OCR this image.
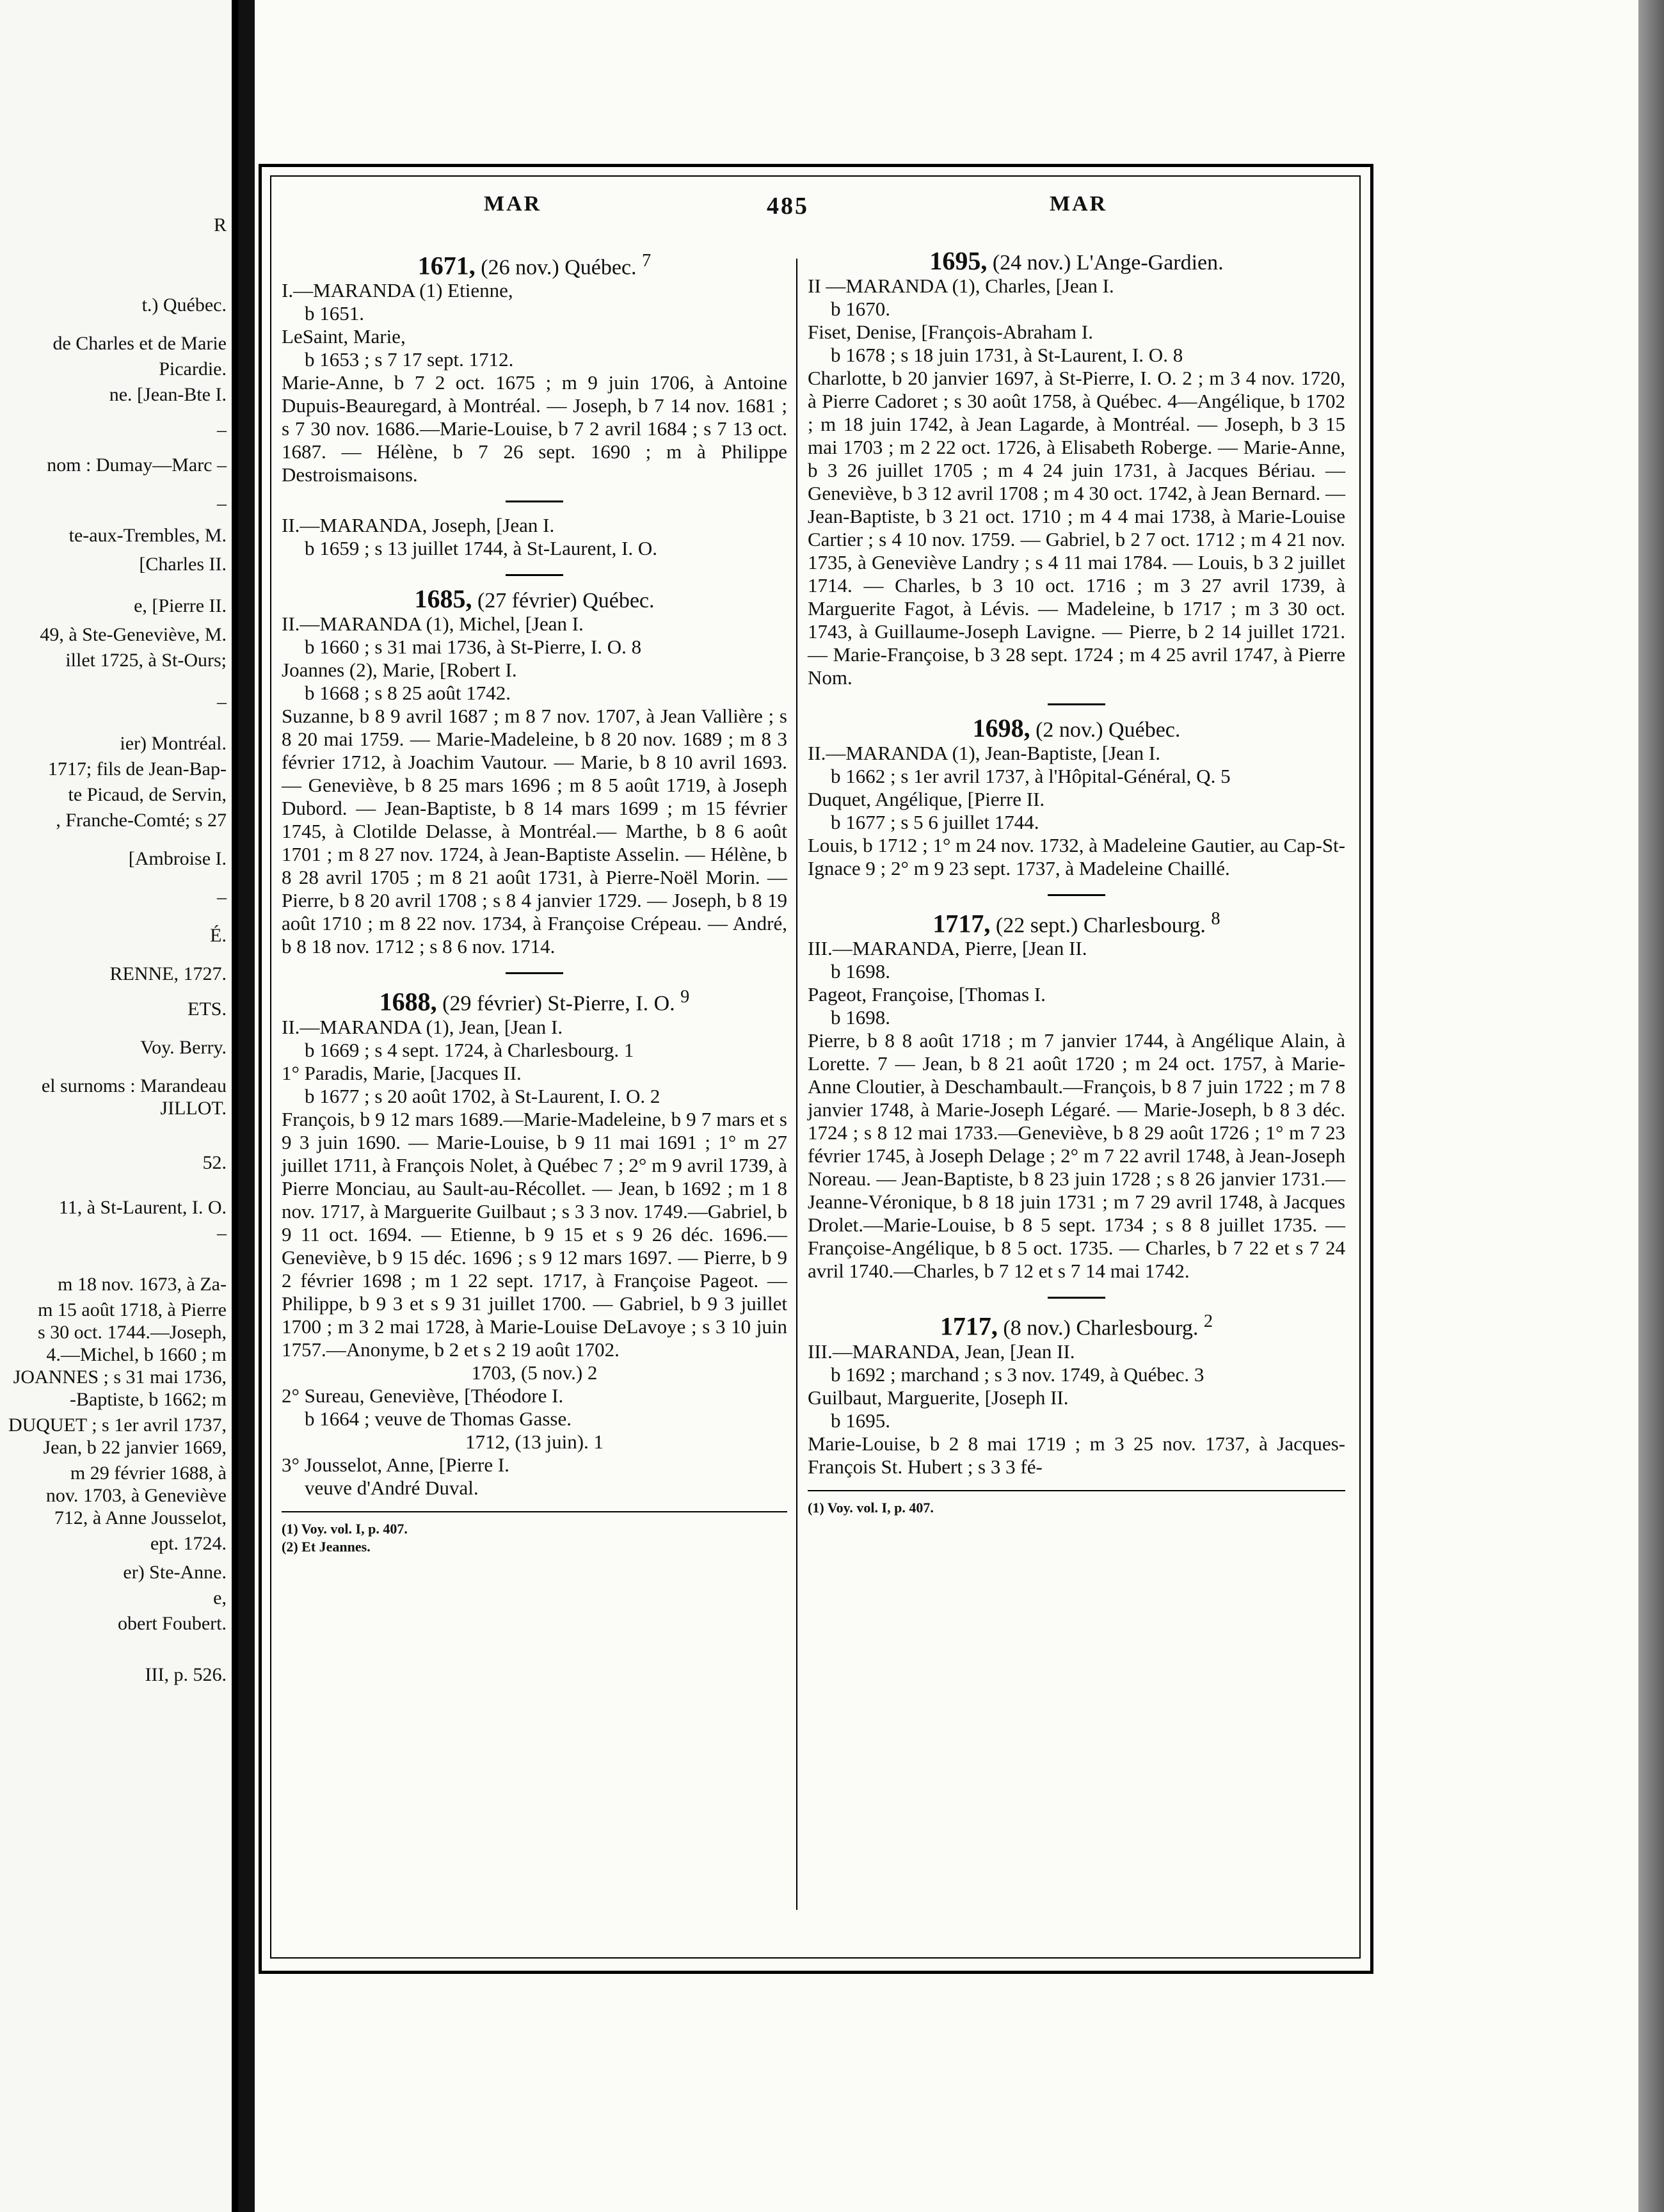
R
t.) Québec.
de Charles et de Marie
Picardie.
ne. [Jean-Bte I.
–
nom : Dumay—Marc –
–
te-aux-Trembles, M.
[Charles II.
e, [Pierre II.
49, à Ste-Geneviève, M.
illet 1725, à St-Ours;
–
ier) Montréal.
1717; fils de Jean-Bap-
te Picaud, de Servin,
, Franche-Comté; s 27
[Ambroise I.
–
É.
RENNE, 1727.
ETS.
Voy. Berry.
el surnoms : Marandeau
JILLOT.
52.
11, à St-Laurent, I. O.
–
m 18 nov. 1673, à Za-
m 15 août 1718, à Pierre
s 30 oct. 1744.—Joseph,
4.—Michel, b 1660 ; m
JOANNES ; s 31 mai 1736,
-Baptiste, b 1662; m
DUQUET ; s 1er avril 1737,
Jean, b 22 janvier 1669,
m 29 février 1688, à
nov. 1703, à Geneviève
712, à Anne Jousselot,
ept. 1724.
er) Ste-Anne.
e,
obert Foubert.
III, p. 526.
MAR	485	MAR

1671, (26 nov.) Québec. $^7$

I.—MARANDA (1) Etienne,

b 1651.

LeSaint, Marie,

b 1653 ; s 7 17 sept. 1712.

Marie-Anne, b 7 2 oct. 1675 ; m 9 juin 1706, à Antoine Dupuis-Beauregard, à Montréal. — Joseph, b 7 14 nov. 1681 ; s 7 30 nov. 1686.—Marie-Louise, b 7 2 avril 1684 ; s 7 13 oct. 1687. — Hélène, b 7 26 sept. 1690 ; m à Philippe Destroismaisons.

II.—MARANDA, Joseph, [Jean I.

b 1659 ; s 13 juillet 1744, à St-Laurent, I. O.

1685, (27 février) Québec.

II.—MARANDA (1), Michel, [Jean I.

b 1660 ; s 31 mai 1736, à St-Pierre, I. O. 8

Joannes (2), Marie, [Robert I.

b 1668 ; s 8 25 août 1742.

Suzanne, b 8 9 avril 1687 ; m 8 7 nov. 1707, à Jean Vallière ; s 8 20 mai 1759. — Marie-Madeleine, b 8 20 nov. 1689 ; m 8 3 février 1712, à Joachim Vautour. — Marie, b 8 10 avril 1693. — Geneviève, b 8 25 mars 1696 ; m 8 5 août 1719, à Joseph Dubord. — Jean-Baptiste, b 8 14 mars 1699 ; m 15 février 1745, à Clotilde Delasse, à Montréal.— Marthe, b 8 6 août 1701 ; m 8 27 nov. 1724, à Jean-Baptiste Asselin. — Hélène, b 8 28 avril 1705 ; m 8 21 août 1731, à Pierre-Noël Morin. — Pierre, b 8 20 avril 1708 ; s 8 4 janvier 1729. — Joseph, b 8 19 août 1710 ; m 8 22 nov. 1734, à Françoise Crépeau. — André, b 8 18 nov. 1712 ; s 8 6 nov. 1714.

1688, (29 février) St-Pierre, I. O. $^9$

II.—MARANDA (1), Jean, [Jean I.

b 1669 ; s 4 sept. 1724, à Charlesbourg. 1

1° Paradis, Marie, [Jacques II.

b 1677 ; s 20 août 1702, à St-Laurent, I. O. 2

François, b 9 12 mars 1689.—Marie-Madeleine, b 9 7 mars et s 9 3 juin 1690. — Marie-Louise, b 9 11 mai 1691 ; 1° m 27 juillet 1711, à François Nolet, à Québec 7 ; 2° m 9 avril 1739, à Pierre Monciau, au Sault-au-Récollet. — Jean, b 1692 ; m 1 8 nov. 1717, à Marguerite Guilbaut ; s 3 3 nov. 1749.—Gabriel, b 9 11 oct. 1694. — Etienne, b 9 15 et s 9 26 déc. 1696.—Geneviève, b 9 15 déc. 1696 ; s 9 12 mars 1697. — Pierre, b 9 2 février 1698 ; m 1 22 sept. 1717, à Françoise Pageot. — Philippe, b 9 3 et s 9 31 juillet 1700. — Gabriel, b 9 3 juillet 1700 ; m 3 2 mai 1728, à Marie-Louise DeLavoye ; s 3 10 juin 1757.—Anonyme, b 2 et s 2 19 août 1702.

1703, (5 nov.) 2

2° Sureau, Geneviève, [Théodore I.

b 1664 ; veuve de Thomas Gasse.

1712, (13 juin). 1

3° Jousselot, Anne, [Pierre I.

veuve d'André Duval.

(1) Voy. vol. I, p. 407.
(2) Et Jeannes.

1695, (24 nov.) L'Ange-Gardien.

II —MARANDA (1), Charles, [Jean I.

b 1670.

Fiset, Denise, [François-Abraham I.

b 1678 ; s 18 juin 1731, à St-Laurent, I. O. 8

Charlotte, b 20 janvier 1697, à St-Pierre, I. O. 2 ; m 3 4 nov. 1720, à Pierre Cadoret ; s 30 août 1758, à Québec. 4—Angélique, b 1702 ; m 18 juin 1742, à Jean Lagarde, à Montréal. — Joseph, b 3 15 mai 1703 ; m 2 22 oct. 1726, à Elisabeth Roberge. — Marie-Anne, b 3 26 juillet 1705 ; m 4 24 juin 1731, à Jacques Bériau. — Geneviève, b 3 12 avril 1708 ; m 4 30 oct. 1742, à Jean Bernard. — Jean-Baptiste, b 3 21 oct. 1710 ; m 4 4 mai 1738, à Marie-Louise Cartier ; s 4 10 nov. 1759. — Gabriel, b 2 7 oct. 1712 ; m 4 21 nov. 1735, à Geneviève Landry ; s 4 11 mai 1784. — Louis, b 3 2 juillet 1714. — Charles, b 3 10 oct. 1716 ; m 3 27 avril 1739, à Marguerite Fagot, à Lévis. — Madeleine, b 1717 ; m 3 30 oct. 1743, à Guillaume-Joseph Lavigne. — Pierre, b 2 14 juillet 1721. — Marie-Françoise, b 3 28 sept. 1724 ; m 4 25 avril 1747, à Pierre Nom.

1698, (2 nov.) Québec.

II.—MARANDA (1), Jean-Baptiste, [Jean I.

b 1662 ; s 1er avril 1737, à l'Hôpital-Général, Q. 5

Duquet, Angélique, [Pierre II.

b 1677 ; s 5 6 juillet 1744.

Louis, b 1712 ; 1° m 24 nov. 1732, à Madeleine Gautier, au Cap-St-Ignace 9 ; 2° m 9 23 sept. 1737, à Madeleine Chaillé.

1717, (22 sept.) Charlesbourg. $^8$

III.—MARANDA, Pierre, [Jean II.

b 1698.

Pageot, Françoise, [Thomas I.

b 1698.

Pierre, b 8 8 août 1718 ; m 7 janvier 1744, à Angélique Alain, à Lorette. 7 — Jean, b 8 21 août 1720 ; m 24 oct. 1757, à Marie-Anne Cloutier, à Deschambault.—François, b 8 7 juin 1722 ; m 7 8 janvier 1748, à Marie-Joseph Légaré. — Marie-Joseph, b 8 3 déc. 1724 ; s 8 12 mai 1733.—Geneviève, b 8 29 août 1726 ; 1° m 7 23 février 1745, à Joseph Delage ; 2° m 7 22 avril 1748, à Jean-Joseph Noreau. — Jean-Baptiste, b 8 23 juin 1728 ; s 8 26 janvier 1731.—Jeanne-Véronique, b 8 18 juin 1731 ; m 7 29 avril 1748, à Jacques Drolet.—Marie-Louise, b 8 5 sept. 1734 ; s 8 8 juillet 1735. — Françoise-Angélique, b 8 5 oct. 1735. — Charles, b 7 22 et s 7 24 avril 1740.—Charles, b 7 12 et s 7 14 mai 1742.

1717, (8 nov.) Charlesbourg. $^2$

III.—MARANDA, Jean, [Jean II.

b 1692 ; marchand ; s 3 nov. 1749, à Québec. 3

Guilbaut, Marguerite, [Joseph II.

b 1695.

Marie-Louise, b 2 8 mai 1719 ; m 3 25 nov. 1737, à Jacques-François St. Hubert ; s 3 3 fé-

(1) Voy. vol. I, p. 407.
